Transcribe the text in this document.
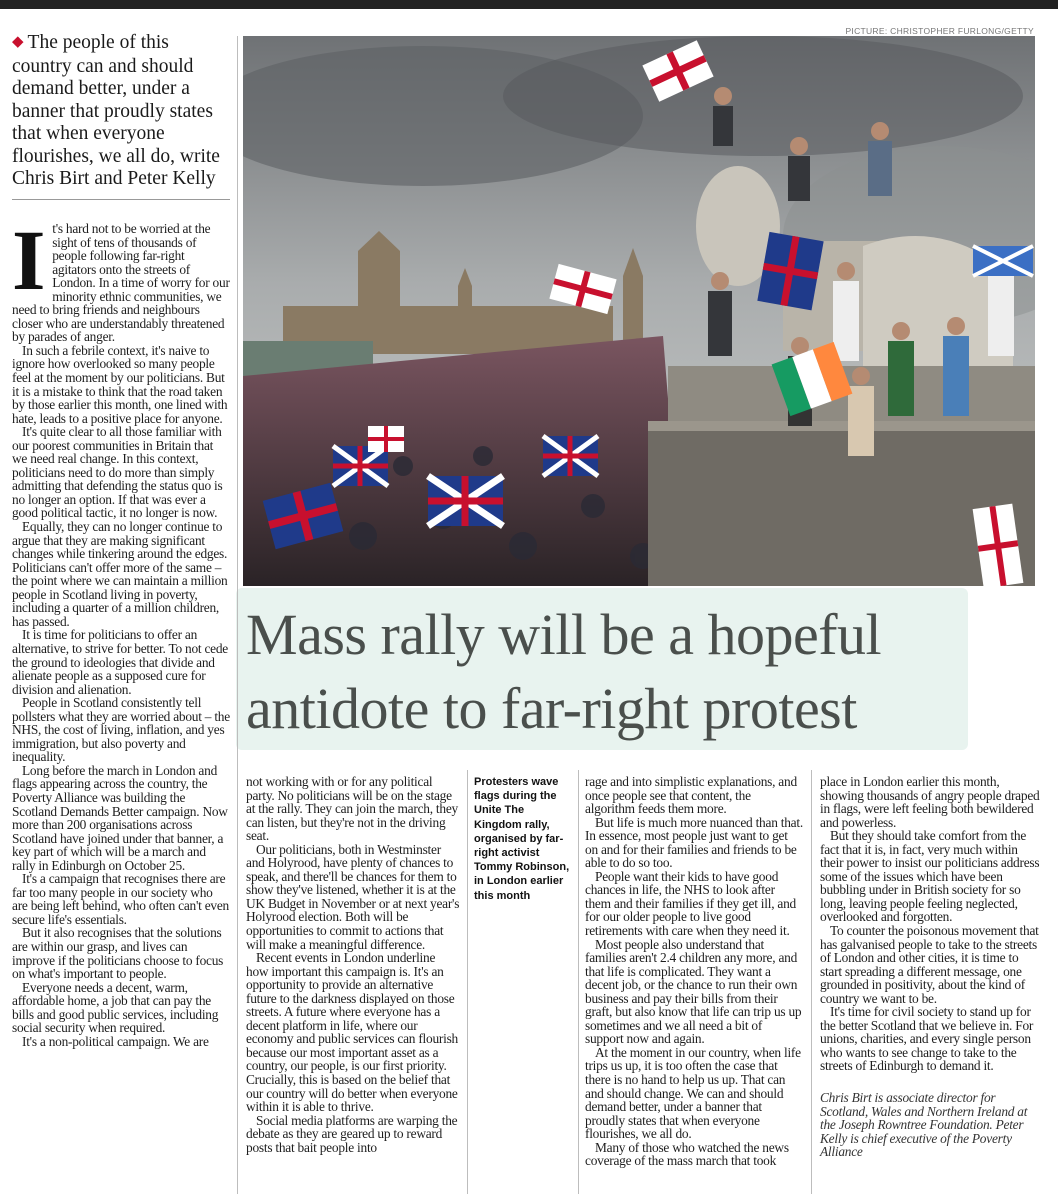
◆ The people of this country can and should demand better, under a banner that proudly states that when everyone flourishes, we all do, write Chris Birt and Peter Kelly
PICTURE: CHRISTOPHER FURLONG/GETTY
Mass rally will be a hopeful antidote to far-right protest

It's hard not to be worried at the sight of tens of thousands of people following far-right agitators onto the streets of London. In a time of worry for our minority ethnic communities, we need to bring friends and neighbours closer who are understandably threatened by parades of anger.

In such a febrile context, it's naive to ignore how overlooked so many people feel at the moment by our politicians. But it is a mistake to think that the road taken by those earlier this month, one lined with hate, leads to a positive place for anyone.

It's quite clear to all those familiar with our poorest communities in Britain that we need real change. In this context, politicians need to do more than simply admitting that defending the status quo is no longer an option. If that was ever a good political tactic, it no longer is now.

Equally, they can no longer continue to argue that they are making significant changes while tinkering around the edges. Politicians can't offer more of the same – the point where we can maintain a million people in Scotland living in poverty, including a quarter of a million children, has passed.

It is time for politicians to offer an alternative, to strive for better. To not cede the ground to ideologies that divide and alienate people as a supposed cure for division and alienation.

People in Scotland consistently tell pollsters what they are worried about – the NHS, the cost of living, inflation, and yes immigration, but also poverty and inequality.

Long before the march in London and flags appearing across the country, the Poverty Alliance was building the Scotland Demands Better campaign. Now more than 200 organisations across Scotland have joined under that banner, a key part of which will be a march and rally in Edinburgh on October 25.

It's a campaign that recognises there are far too many people in our society who are being left behind, who often can't even secure life's essentials.

But it also recognises that the solutions are within our grasp, and lives can improve if the politicians choose to focus on what's important to people.

Everyone needs a decent, warm, affordable home, a job that can pay the bills and good public services, including social security when required.

It's a non-political campaign. We are

not working with or for any political party. No politicians will be on the stage at the rally. They can join the march, they can listen, but they're not in the driving seat.

Our politicians, both in Westminster and Holyrood, have plenty of chances to speak, and there'll be chances for them to show they've listened, whether it is at the UK Budget in November or at next year's Holyrood election. Both will be opportunities to commit to actions that will make a meaningful difference.

Recent events in London underline how important this campaign is. It's an opportunity to provide an alternative future to the darkness displayed on those streets. A future where everyone has a decent platform in life, where our economy and public services can flourish because our most important asset as a country, our people, is our first priority. Crucially, this is based on the belief that our country will do better when everyone within it is able to thrive.

Social media platforms are warping the debate as they are geared up to reward posts that bait people into

Protesters wave flags during the Unite The Kingdom rally, organised by far-right activist Tommy Robinson, in London earlier this month

rage and into simplistic explanations, and once people see that content, the algorithm feeds them more.

But life is much more nuanced than that. In essence, most people just want to get on and for their families and friends to be able to do so too.

People want their kids to have good chances in life, the NHS to look after them and their families if they get ill, and for our older people to live good retirements with care when they need it.

Most people also understand that families aren't 2.4 children any more, and that life is complicated. They want a decent job, or the chance to run their own business and pay their bills from their graft, but also know that life can trip us up sometimes and we all need a bit of support now and again.

At the moment in our country, when life trips us up, it is too often the case that there is no hand to help us up. That can and should change. We can and should demand better, under a banner that proudly states that when everyone flourishes, we all do.

Many of those who watched the news coverage of the mass march that took

place in London earlier this month, showing thousands of angry people draped in flags, were left feeling both bewildered and powerless.

But they should take comfort from the fact that it is, in fact, very much within their power to insist our politicians address some of the issues which have been bubbling under in British society for so long, leaving people feeling neglected, overlooked and forgotten.

To counter the poisonous movement that has galvanised people to take to the streets of London and other cities, it is time to start spreading a different message, one grounded in positivity, about the kind of country we want to be.

It's time for civil society to stand up for the better Scotland that we believe in. For unions, charities, and every single person who wants to see change to take to the streets of Edinburgh to demand it.

Chris Birt is associate director for Scotland, Wales and Northern Ireland at the Joseph Rowntree Foundation. Peter Kelly is chief executive of the Poverty Alliance
